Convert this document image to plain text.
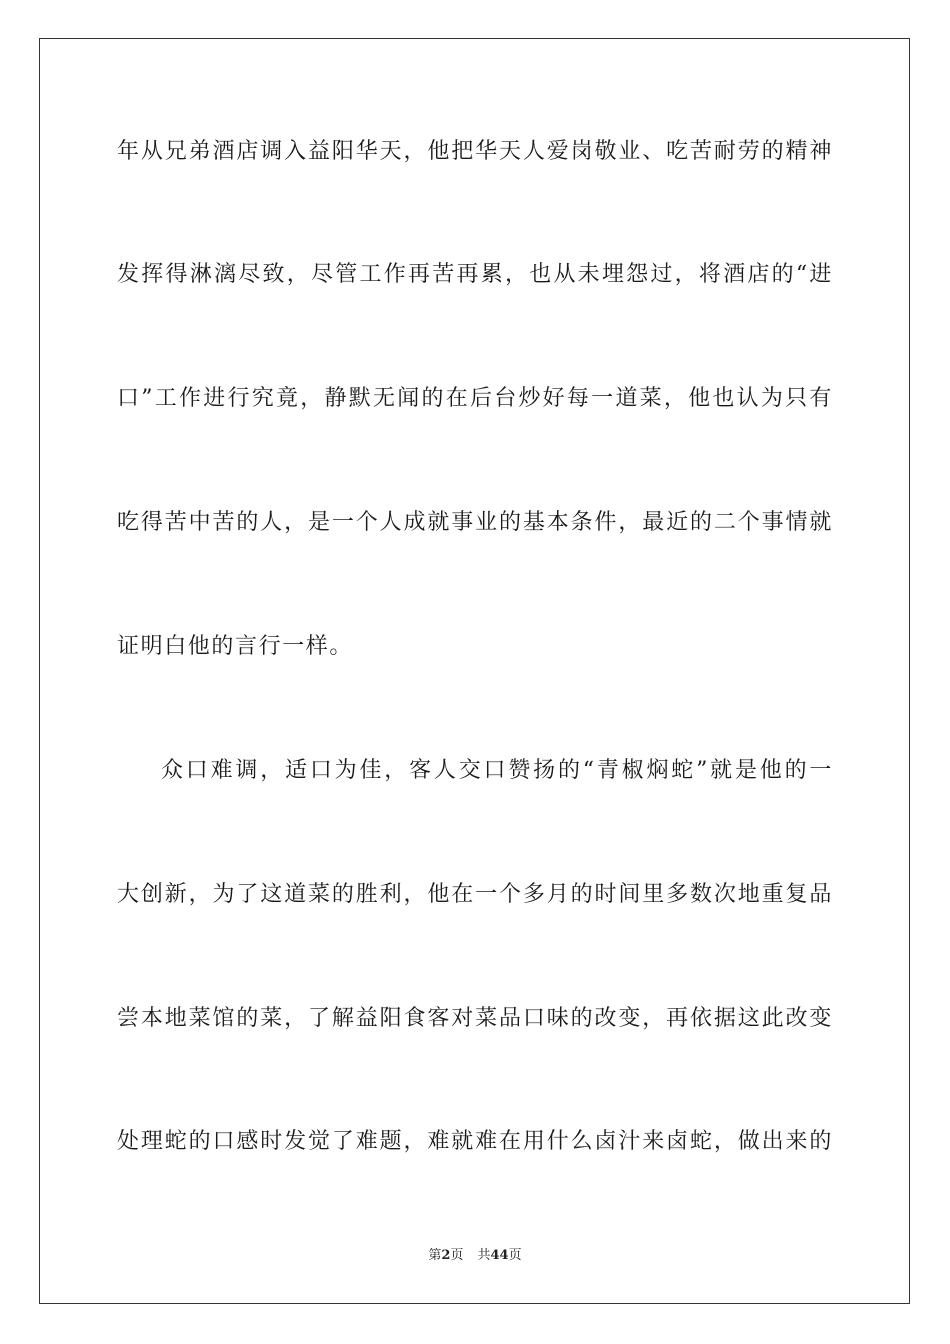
年从兄弟酒店调入益阳华天，他把华天人爱岗敬业、吃苦耐劳的精神
发挥得淋漓尽致，尽管工作再苦再累，也从未埋怨过，将酒店的“进
口”工作进行究竟，静默无闻的在后台炒好每一道菜，他也认为只有
吃得苦中苦的人，是一个人成就事业的基本条件，最近的二个事情就
证明白他的言行一样。
众口难调，适口为佳，客人交口赞扬的“青椒焖蛇”就是他的一
大创新，为了这道菜的胜利，他在一个多月的时间里多数次地重复品
尝本地菜馆的菜，了解益阳食客对菜品口味的改变，再依据这此改变
处理蛇的口感时发觉了难题，难就难在用什么卤汁来卤蛇，做出来的
第2页 共44页
